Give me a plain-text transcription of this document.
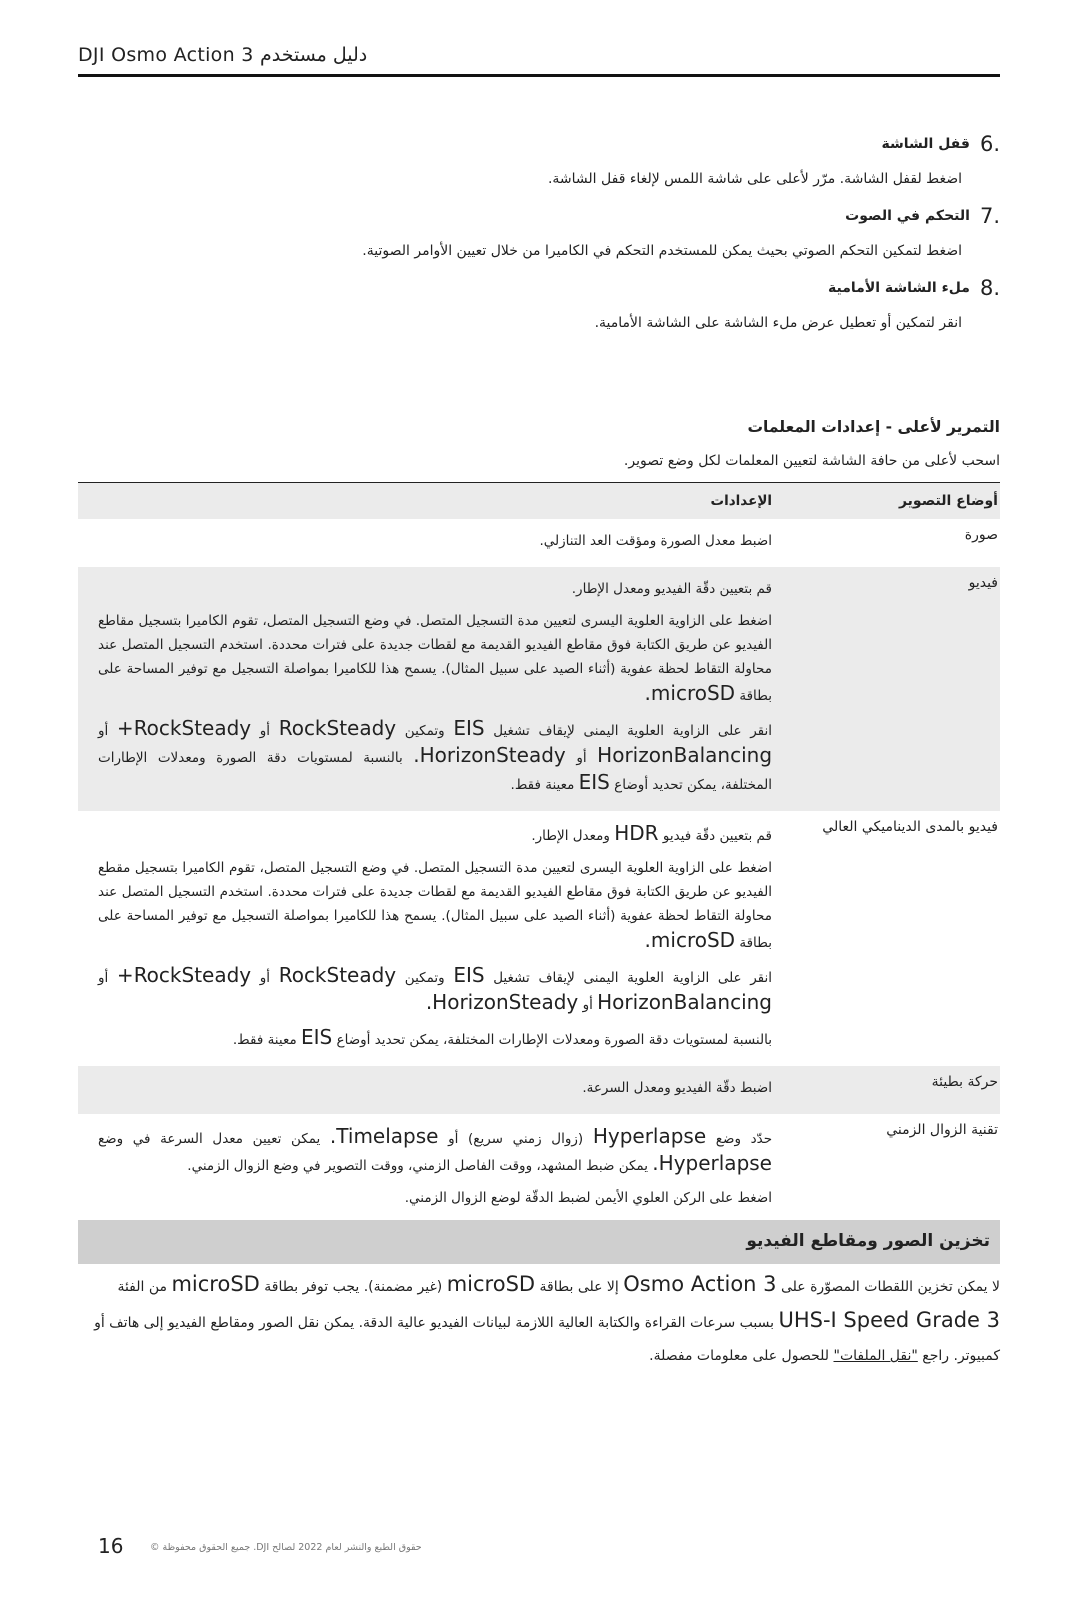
DJI Osmo Action 3 دليل مستخدم
.6
قفل الشاشة
اضغط لقفل الشاشة. مرّر لأعلى على شاشة اللمس لإلغاء قفل الشاشة.
.7
التحكم في الصوت
اضغط لتمكين التحكم الصوتي بحيث يمكن للمستخدم التحكم في الكاميرا من خلال تعيين الأوامر الصوتية.
.8
ملء الشاشة الأمامية
انقر لتمكين أو تعطيل عرض ملء الشاشة على الشاشة الأمامية.
التمرير لأعلى - إعدادات المعلمات
اسحب لأعلى من حافة الشاشة لتعيين المعلمات لكل وضع تصوير.
أوضاع التصوير
الإعدادات
صورة

اضبط معدل الصورة ومؤقت العد التنازلي.

فيديو

قم بتعيين دقّة الفيديو ومعدل الإطار.

اضغط على الزاوية العلوية اليسرى لتعيين مدة التسجيل المتصل. في وضع التسجيل المتصل، تقوم الكاميرا بتسجيل مقاطع الفيديو عن طريق الكتابة فوق مقاطع الفيديو القديمة مع لقطات جديدة على فترات محددة. استخدم التسجيل المتصل عند محاولة التقاط لحظة عفوية (أثناء الصيد على سبيل المثال). يسمح هذا للكاميرا بمواصلة التسجيل مع توفير المساحة على بطاقة microSD.

انقر على الزاوية العلوية اليمنى لإيقاف تشغيل EIS وتمكين RockSteady أو RockSteady+ أو HorizonBalancing أو HorizonSteady. بالنسبة لمستويات دقة الصورة ومعدلات الإطارات المختلفة، يمكن تحديد أوضاع EIS معينة فقط.

فيديو بالمدى الديناميكي العالي

قم بتعيين دقّة فيديو HDR ومعدل الإطار.

اضغط على الزاوية العلوية اليسرى لتعيين مدة التسجيل المتصل. في وضع التسجيل المتصل، تقوم الكاميرا بتسجيل مقطع الفيديو عن طريق الكتابة فوق مقاطع الفيديو القديمة مع لقطات جديدة على فترات محددة. استخدم التسجيل المتصل عند محاولة التقاط لحظة عفوية (أثناء الصيد على سبيل المثال). يسمح هذا للكاميرا بمواصلة التسجيل مع توفير المساحة على بطاقة microSD.

انقر على الزاوية العلوية اليمنى لإيقاف تشغيل EIS وتمكين RockSteady أو RockSteady+ أو HorizonBalancing أو HorizonSteady.

بالنسبة لمستويات دقة الصورة ومعدلات الإطارات المختلفة، يمكن تحديد أوضاع EIS معينة فقط.

حركة بطيئة

اضبط دقّة الفيديو ومعدل السرعة.

تقنية الزوال الزمني

حدّد وضع Hyperlapse (زوال زمني سريع) أو Timelapse. يمكن تعيين معدل السرعة في وضع Hyperlapse. يمكن ضبط المشهد، ووقت الفاصل الزمني، ووقت التصوير في وضع الزوال الزمني.

اضغط على الركن العلوي الأيمن لضبط الدقّة لوضع الزوال الزمني.

تخزين الصور ومقاطع الفيديو
لا يمكن تخزين اللقطات المصوّرة على Osmo Action 3 إلا على بطاقة microSD (غير مضمنة). يجب توفر بطاقة microSD من الفئة UHS-I Speed Grade 3 بسبب سرعات القراءة والكتابة العالية اللازمة لبيانات الفيديو عالية الدقة. يمكن نقل الصور ومقاطع الفيديو إلى هاتف أو كمبيوتر. راجع "نقل الملفات" للحصول على معلومات مفصلة.
16	حقوق الطبع والنشر لعام 2022 لصالح DJI. جميع الحقوق محفوظة ©
